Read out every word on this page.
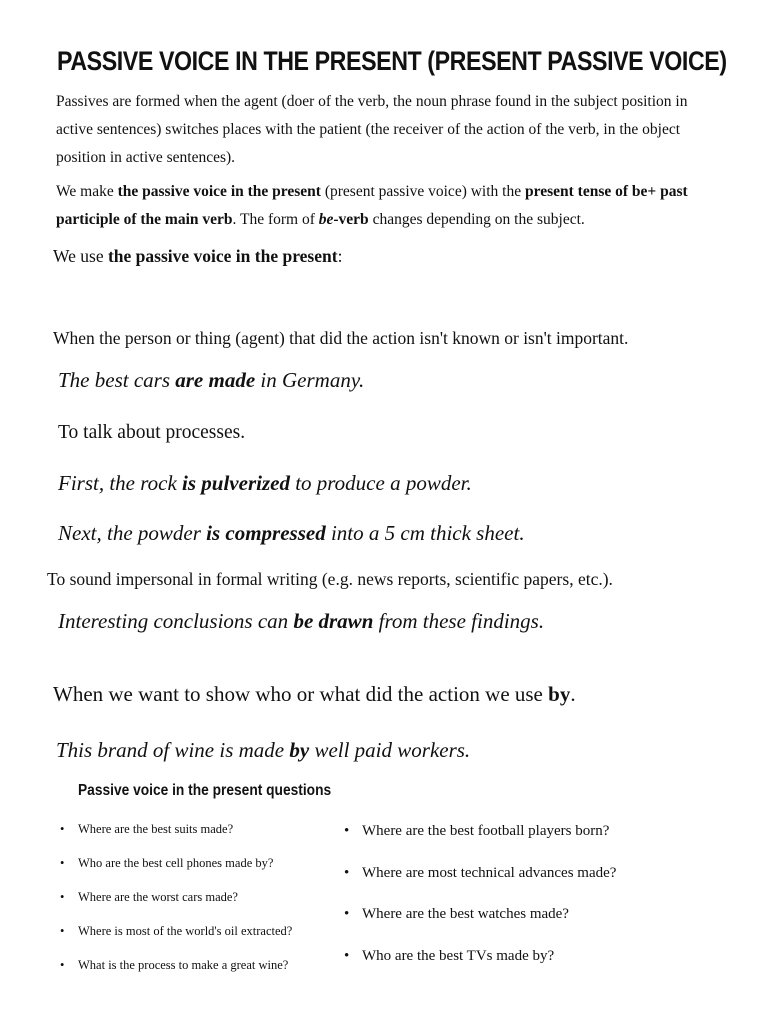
PASSIVE VOICE IN THE PRESENT (PRESENT PASSIVE VOICE)
Passives are formed when the agent (doer of the verb, the noun phrase found in the subject position in active sentences) switches places with the patient (the receiver of the action of the verb, in the object position in active sentences).
We make the passive voice in the present (present passive voice) with the present tense of be+ past participle of the main verb. The form of be-verb changes depending on the subject.
We use the passive voice in the present:
When the person or thing (agent) that did the action isn't known or isn't important.
The best cars are made in Germany.
To talk about processes.
First, the rock is pulverized to produce a powder.
Next, the powder is compressed into a 5 cm thick sheet.
To sound impersonal in formal writing (e.g. news reports, scientific papers, etc.).
Interesting conclusions can be drawn from these findings.
When we want to show who or what did the action we use by.
This brand of wine is made by well paid workers.
Passive voice in the present questions
• Where are the best suits made?
• Who are the best cell phones made by?
• Where are the worst cars made?
• Where is most of the world's oil extracted?
• What is the process to make a great wine?
• Where are the best football players born?
• Where are most technical advances made?
• Where are the best watches made?
• Who are the best TVs made by?
